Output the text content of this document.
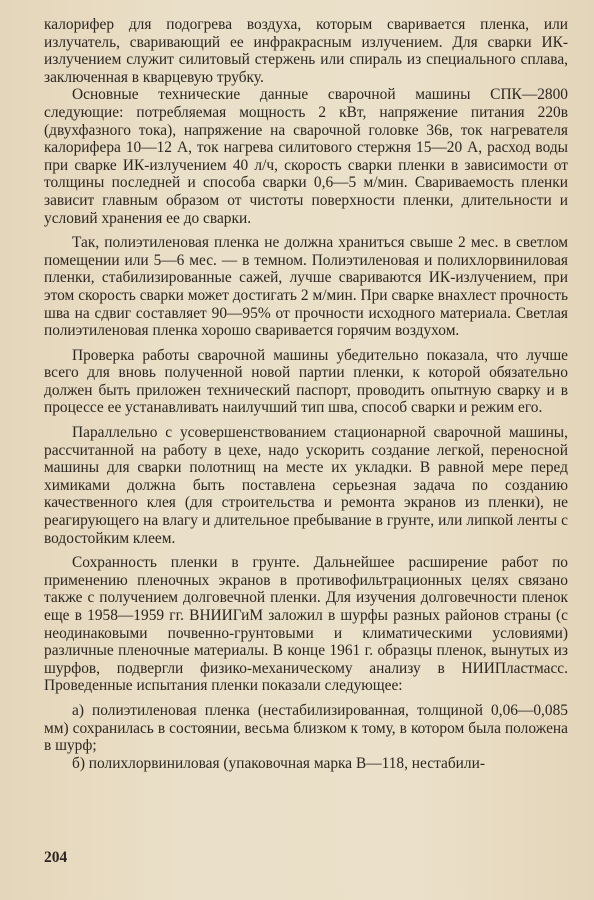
калорифер для подогрева воздуха, которым сваривается пленка, или излучатель, сваривающий ее инфракрасным излучением. Для сварки ИК-излучением служит силитовый стержень или спираль из специального сплава, заключенная в кварцевую трубку.

Основные технические данные сварочной машины СПК—2800 следующие: потребляемая мощность 2 кВт, напряжение питания 220в (двухфазного тока), напряжение на сварочной головке 36в, ток нагревателя калорифера 10—12 А, ток нагрева силитового стержня 15—20 А, расход воды при сварке ИК-излучением 40 л/ч, скорость сварки пленки в зависимости от толщины последней и способа сварки 0,6—5 м/мин. Свариваемость пленки зависит главным образом от чистоты поверхности пленки, длительности и условий хранения ее до сварки.

Так, полиэтиленовая пленка не должна храниться свыше 2 мес. в светлом помещении или 5—6 мес. — в темном. Полиэтиленовая и полихлорвиниловая пленки, стабилизированные сажей, лучше свариваются ИК-излучением, при этом скорость сварки может достигать 2 м/мин. При сварке внахлест прочность шва на сдвиг составляет 90—95% от прочности исходного материала. Светлая полиэтиленовая пленка хорошо сваривается горячим воздухом.

Проверка работы сварочной машины убедительно показала, что лучше всего для вновь полученной новой партии пленки, к которой обязательно должен быть приложен технический паспорт, проводить опытную сварку и в процессе ее устанавливать наилучший тип шва, способ сварки и режим его.

Параллельно с усовершенствованием стационарной сварочной машины, рассчитанной на работу в цехе, надо ускорить создание легкой, переносной машины для сварки полотнищ на месте их укладки. В равной мере перед химиками должна быть поставлена серьезная задача по созданию качественного клея (для строительства и ремонта экранов из пленки), не реагирующего на влагу и длительное пребывание в грунте, или липкой ленты с водостойким клеем.

Сохранность пленки в грунте. Дальнейшее расширение работ по применению пленочных экранов в противофильтрационных целях связано также с получением долговечной пленки. Для изучения долговечности пленок еще в 1958—1959 гг. ВНИИГиМ заложил в шурфы разных районов страны (с неодинаковыми почвенно-грунтовыми и климатическими условиями) различные пленочные материалы. В конце 1961 г. образцы пленок, вынутых из шурфов, подвергли физико-механическому анализу в НИИПластмасс. Проведенные испытания пленки показали следующее:

а) полиэтиленовая пленка (нестабилизированная, толщиной 0,06—0,085 мм) сохранилась в состоянии, весьма близком к тому, в котором была положена в шурф;

б) полихлорвиниловая (упаковочная марка В—118, нестабили-

204
